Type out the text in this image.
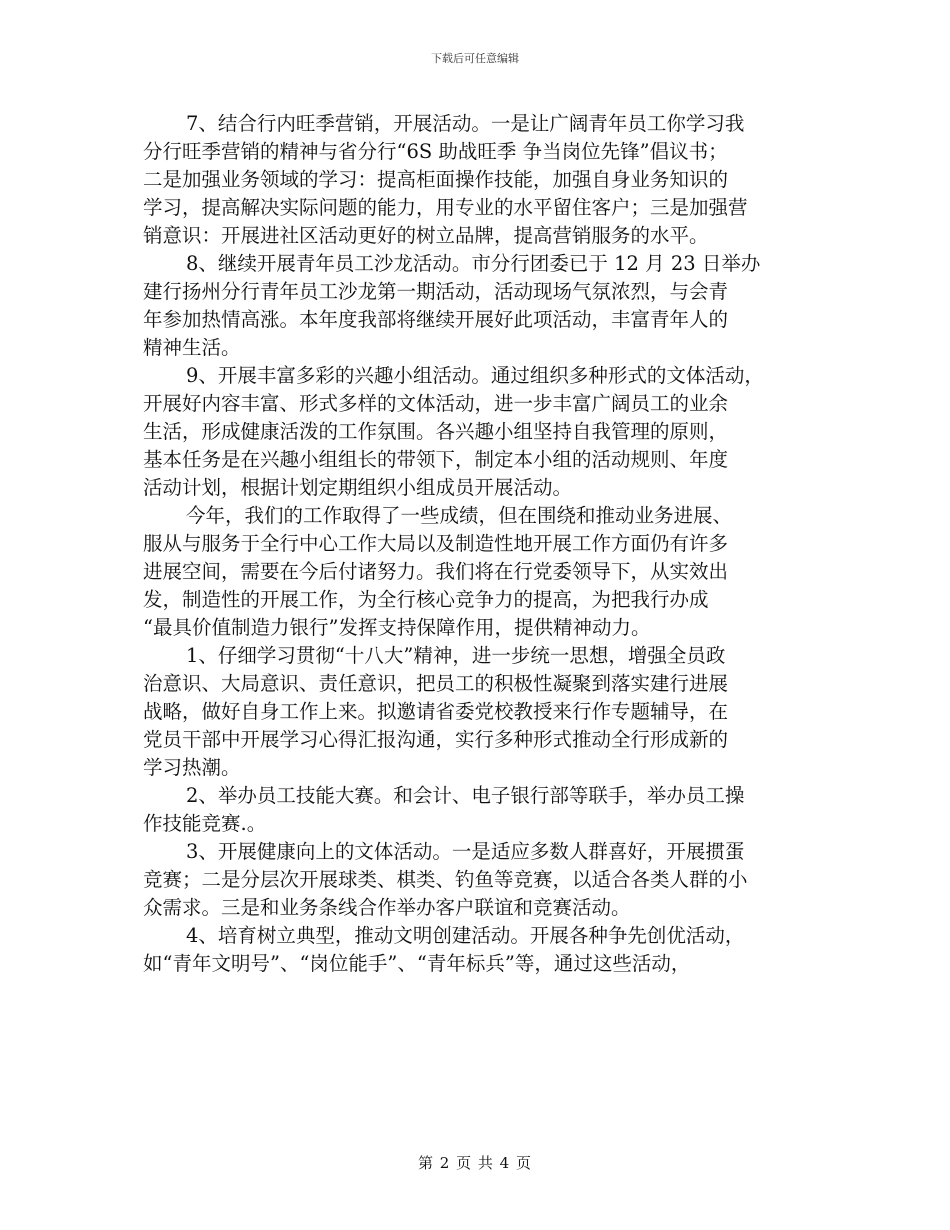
下载后可任意编辑

7、结合行内旺季营销，开展活动。一是让广阔青年员工你学习我

分行旺季营销的精神与省分行“6S 助战旺季 争当岗位先锋”倡议书；

二是加强业务领域的学习：提高柜面操作技能，加强自身业务知识的

学习，提高解决实际问题的能力，用专业的水平留住客户；三是加强营

销意识：开展进社区活动更好的树立品牌，提高营销服务的水平。

8、继续开展青年员工沙龙活动。市分行团委已于 12 月 23 日举办

建行扬州分行青年员工沙龙第一期活动，活动现场气氛浓烈，与会青

年参加热情高涨。本年度我部将继续开展好此项活动，丰富青年人的

精神生活。

9、开展丰富多彩的兴趣小组活动。通过组织多种形式的文体活动，

开展好内容丰富、形式多样的文体活动，进一步丰富广阔员工的业余

生活，形成健康活泼的工作氛围。各兴趣小组坚持自我管理的原则，

基本任务是在兴趣小组组长的带领下，制定本小组的活动规则、年度

活动计划，根据计划定期组织小组成员开展活动。

今年，我们的工作取得了一些成绩，但在围绕和推动业务进展、

服从与服务于全行中心工作大局以及制造性地开展工作方面仍有许多

进展空间，需要在今后付诸努力。我们将在行党委领导下，从实效出

发，制造性的开展工作，为全行核心竞争力的提高，为把我行办成

“最具价值制造力银行”发挥支持保障作用，提供精神动力。

1、仔细学习贯彻“十八大”精神，进一步统一思想，增强全员政

治意识、大局意识、责任意识，把员工的积极性凝聚到落实建行进展

战略，做好自身工作上来。拟邀请省委党校教授来行作专题辅导，在

党员干部中开展学习心得汇报沟通，实行多种形式推动全行形成新的

学习热潮。

2、举办员工技能大赛。和会计、电子银行部等联手，举办员工操

作技能竞赛.。

3、开展健康向上的文体活动。一是适应多数人群喜好，开展掼蛋

竞赛；二是分层次开展球类、棋类、钓鱼等竞赛，以适合各类人群的小

众需求。三是和业务条线合作举办客户联谊和竞赛活动。

4、培育树立典型，推动文明创建活动。开展各种争先创优活动，

如“青年文明号”、“岗位能手”、“青年标兵”等，通过这些活动，

第 2 页 共 4 页
